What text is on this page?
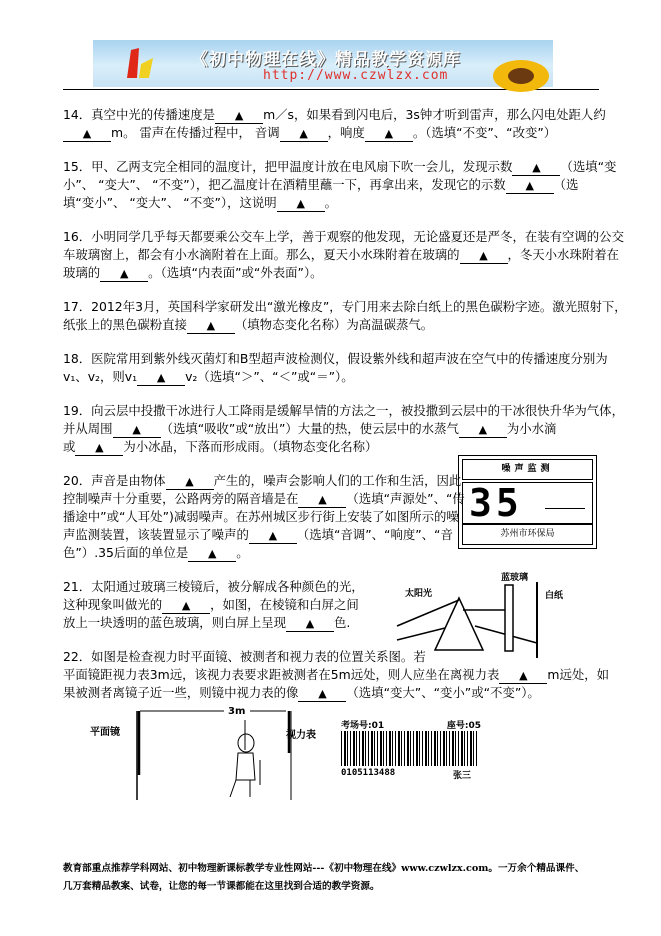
《初中物理在线》精品教学资源库
http://www.czwlzx.com
14．真空中光的传播速度是 ▲ m／s，如果看到闪电后，3s钟才听到雷声，那么闪电处距人约
▲ m。 雷声在传播过程中， 音调 ▲ ，响度 ▲ 。（选填“不变”、“改变”）
15．甲、乙两支完全相同的温度计，把甲温度计放在电风扇下吹一会儿，发现示数 ▲ （选填“变
小”、 “变大”、 “不变”），把乙温度计在酒精里蘸一下，再拿出来，发现它的示数 ▲ （选
填“变小”、 “变大”、 “不变”），这说明 ▲ 。
16．小明同学几乎每天都要乘公交车上学，善于观察的他发现，无论盛夏还是严冬，在装有空调的公交
车玻璃窗上，都会有小水滴附着在上面。那么，夏天小水珠附着在玻璃的 ▲ ，冬天小水珠附着在
玻璃的 ▲ 。（选填“内表面”或“外表面”）。
17．2012年3月，英国科学家研发出“激光橡皮”，专门用来去除白纸上的黑色碳粉字迹。激光照射下，
纸张上的黑色碳粉直接 ▲ （填物态变化名称）为高温碳蒸气。
18．医院常用到紫外线灭菌灯和B型超声波检测仪，假设紫外线和超声波在空气中的传播速度分别为
v₁、v₂，则v₁ ▲ v₂（选填“＞”、“＜”或“＝”）。
19．向云层中投撒干冰进行人工降雨是缓解旱情的方法之一，被投撒到云层中的干冰很快升华为气体，
并从周围 ▲ （选填“吸收”或“放出”）大量的热，使云层中的水蒸气 ▲ 为小水滴
或 ▲ 为小冰晶，下落而形成雨。（填物态变化名称）
20．声音是由物体 ▲ 产生的，噪声会影响人们的工作和生活，因此
控制噪声十分重要，公路两旁的隔音墙是在 ▲ （选填“声源处”、“传
播途中”或“人耳处”)减弱噪声。在苏州城区步行街上安装了如图所示的噪
声监测装置，该装置显示了噪声的 ▲ （选填“音调”、“响度”、“音
色”）.35后面的单位是 ▲ 。
21．太阳通过玻璃三棱镜后，被分解成各种颜色的光，
这种现象叫做光的 ▲ ，如图，在棱镜和白屏之间
放上一块透明的蓝色玻璃，则白屏上呈现 ▲ 色.
22．如图是检查视力时平面镜、被测者和视力表的位置关系图。若
平面镜距视力表3m远，该视力表要求距被测者在5m远处，则人应坐在离视力表 ▲ m远处，如
果被测者离镜子近一些，则镜中视力表的像 ▲ （选填“变大”、“变小”或“不变”）。
噪声监测
35
苏州市环保局
太阳光
蓝玻璃
白纸
平面镜
3m
视力表
考场号:01	座号:05
0105113488	张三
教育部重点推荐学科网站、初中物理新课标教学专业性网站---《初中物理在线》www.czwlzx.com。一万余个精品课件、
几万套精品教案、试卷，让您的每一节课都能在这里找到合适的教学资源。
